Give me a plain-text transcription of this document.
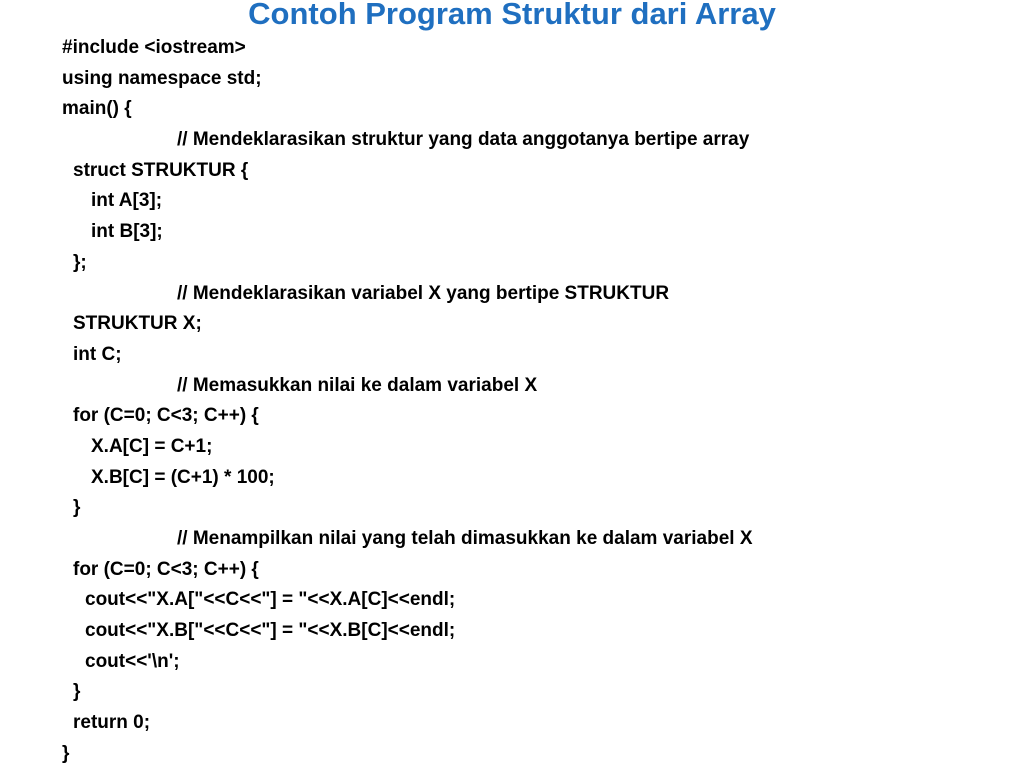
Contoh Program Struktur dari Array
#include <iostream>
using namespace std;
main() {
// Mendeklarasikan struktur yang data anggotanya bertipe array
struct STRUKTUR {
int A[3];
int B[3];
};
// Mendeklarasikan variabel X yang bertipe STRUKTUR
STRUKTUR X;
int C;
// Memasukkan nilai ke dalam variabel X
for (C=0; C<3; C++) {
X.A[C] = C+1;
X.B[C] = (C+1) * 100;
}
// Menampilkan nilai yang telah dimasukkan ke dalam variabel X
for (C=0; C<3; C++) {
cout<<"X.A["<<C<<"] = "<<X.A[C]<<endl;
cout<<"X.B["<<C<<"] = "<<X.B[C]<<endl;
cout<<'\n';
}
return 0;
}
